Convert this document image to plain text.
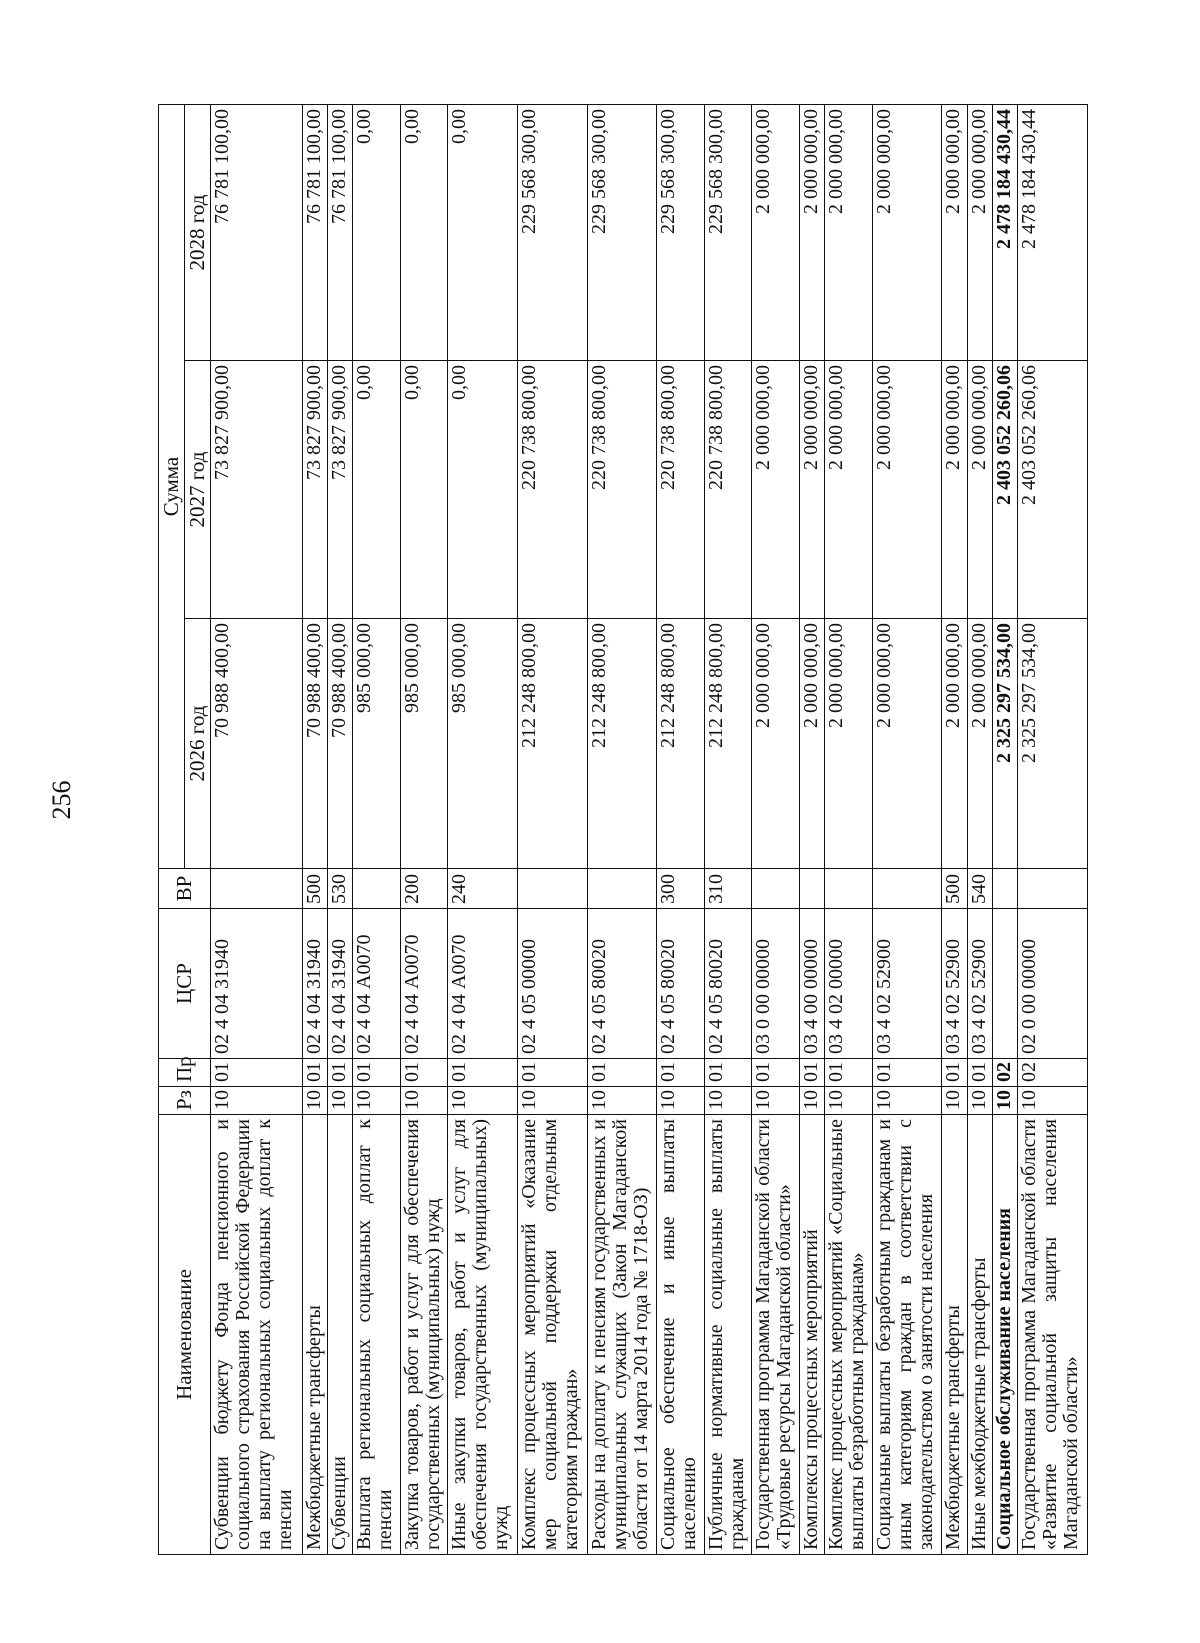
256
Наименование	Рз	Пр	ЦСР	ВР	Сумма		
					2026 год	2027 год	2028 год
Субвенции бюджету Фонда пенсионного и социального страхования Российской Федерации на выплату региональных социальных доплат к пенсии	10	01	02 4 04 31940		70 988 400,00	73 827 900,00	76 781 100,00
Межбюджетные трансферты	10	01	02 4 04 31940	500	70 988 400,00	73 827 900,00	76 781 100,00
Субвенции	10	01	02 4 04 31940	530	70 988 400,00	73 827 900,00	76 781 100,00
Выплата региональных социальных доплат к пенсии	10	01	02 4 04 А0070		985 000,00	0,00	0,00
Закупка товаров, работ и услуг для обеспечения государственных (муниципальных) нужд	10	01	02 4 04 А0070	200	985 000,00	0,00	0,00
Иные закупки товаров, работ и услуг для обеспечения государственных (муниципальных) нужд	10	01	02 4 04 А0070	240	985 000,00	0,00	0,00
Комплекс процессных мероприятий «Оказание мер социальной поддержки отдельным категориям граждан»	10	01	02 4 05 00000		212 248 800,00	220 738 800,00	229 568 300,00
Расходы на доплату к пенсиям государственных и муниципальных служащих (Закон Магаданской области от 14 марта 2014 года № 1718-ОЗ)	10	01	02 4 05 80020		212 248 800,00	220 738 800,00	229 568 300,00
Социальное обеспечение и иные выплаты населению	10	01	02 4 05 80020	300	212 248 800,00	220 738 800,00	229 568 300,00
Публичные нормативные социальные выплаты гражданам	10	01	02 4 05 80020	310	212 248 800,00	220 738 800,00	229 568 300,00
Государственная программа Магаданской области «Трудовые ресурсы Магаданской области»	10	01	03 0 00 00000		2 000 000,00	2 000 000,00	2 000 000,00
Комплексы процессных мероприятий	10	01	03 4 00 00000		2 000 000,00	2 000 000,00	2 000 000,00
Комплекс процессных мероприятий «Социальные выплаты безработным гражданам»	10	01	03 4 02 00000		2 000 000,00	2 000 000,00	2 000 000,00
Социальные выплаты безработным гражданам и иным категориям граждан в соответствии с законодательством о занятости населения	10	01	03 4 02 52900		2 000 000,00	2 000 000,00	2 000 000,00
Межбюджетные трансферты	10	01	03 4 02 52900	500	2 000 000,00	2 000 000,00	2 000 000,00
Иные межбюджетные трансферты	10	01	03 4 02 52900	540	2 000 000,00	2 000 000,00	2 000 000,00
Социальное обслуживание населения	10	02			2 325 297 534,00	2 403 052 260,06	2 478 184 430,44
Государственная программа Магаданской области «Развитие социальной защиты населения Магаданской области»	10	02	02 0 00 00000		2 325 297 534,00	2 403 052 260,06	2 478 184 430,44
